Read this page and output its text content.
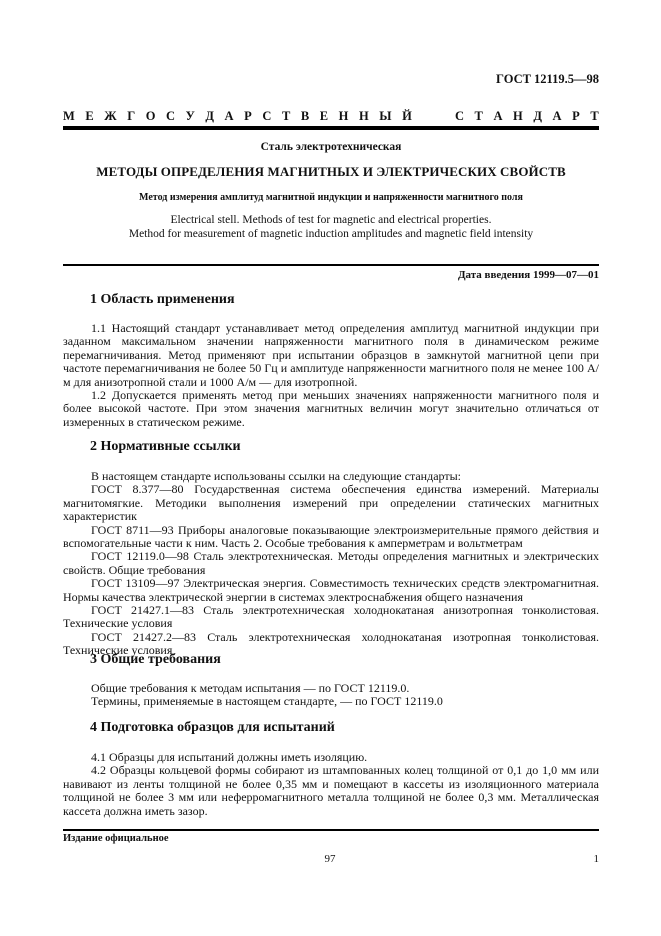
ГОСТ 12119.5—98
М Е Ж Г О С У Д А Р С Т В Е Н Н Ы Й	С Т А Н Д А Р Т
Сталь электротехническая
МЕТОДЫ ОПРЕДЕЛЕНИЯ МАГНИТНЫХ И ЭЛЕКТРИЧЕСКИХ СВОЙСТВ
Метод измерения амплитуд магнитной индукции и напряженности магнитного поля
Electrical stell. Methods of test for magnetic and electrical properties.
Method for measurement of magnetic induction amplitudes and magnetic field intensity
Дата введения 1999—07—01
1 Область применения

1.1 Настоящий стандарт устанавливает метод определения амплитуд магнитной индукции при заданном максимальном значении напряженности магнитного поля в динамическом режиме перемагничивания. Метод применяют при испытании образцов в замкнутой магнитной цепи при частоте перемагничивания не более 50 Гц и амплитуде напряженности магнитного поля не менее 100 А/м для анизотропной стали и 1000 А/м — для изотропной.

1.2 Допускается применять метод при меньших значениях напряженности магнитного поля и более высокой частоте. При этом значения магнитных величин могут значительно отличаться от измеренных в статическом режиме.

2 Нормативные ссылки

В настоящем стандарте использованы ссылки на следующие стандарты:

ГОСТ 8.377—80 Государственная система обеспечения единства измерений. Материалы магнитомягкие. Методики выполнения измерений при определении статических магнитных характеристик

ГОСТ 8711—93 Приборы аналоговые показывающие электроизмерительные прямого действия и вспомогательные части к ним. Часть 2. Особые требования к амперметрам и вольтметрам

ГОСТ 12119.0—98 Сталь электротехническая. Методы определения магнитных и электрических свойств. Общие требования

ГОСТ 13109—97 Электрическая энергия. Совместимость технических средств электромагнитная. Нормы качества электрической энергии в системах электроснабжения общего назначения

ГОСТ 21427.1—83 Сталь электротехническая холоднокатаная анизотропная тонколистовая. Технические условия

ГОСТ 21427.2—83 Сталь электротехническая холоднокатаная изотропная тонколистовая. Технические условия

3 Общие требования

Общие требования к методам испытания — по ГОСТ 12119.0.

Термины, применяемые в настоящем стандарте, — по ГОСТ 12119.0

4 Подготовка образцов для испытаний

4.1 Образцы для испытаний должны иметь изоляцию.

4.2 Образцы кольцевой формы собирают из штампованных колец толщиной от 0,1 до 1,0 мм или навивают из ленты толщиной не более 0,35 мм и помещают в кассеты из изоляционного материала толщиной не более 3 мм или неферромагнитного металла толщиной не более 0,3 мм. Металлическая кассета должна иметь зазор.

Издание официальное
97	1
